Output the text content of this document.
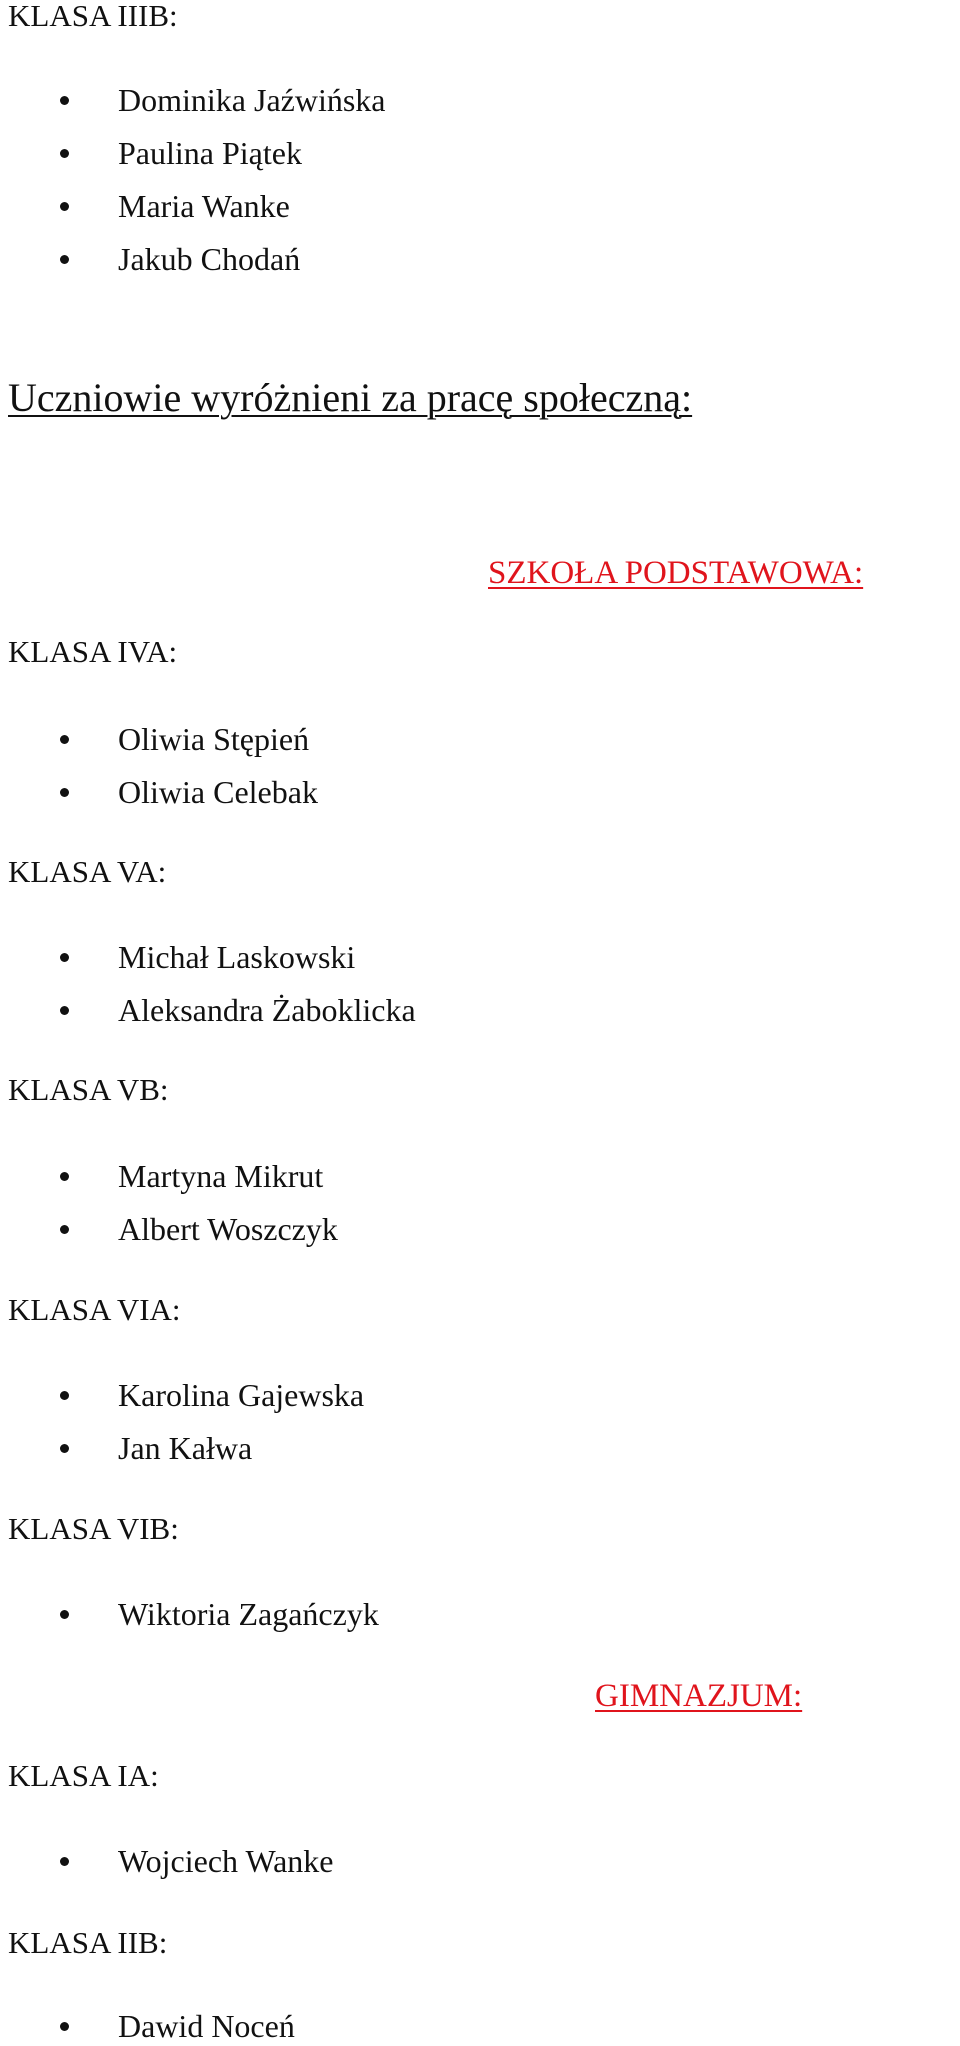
KLASA IIIB:
Dominika Jaźwińska
Paulina Piątek
Maria Wanke
Jakub Chodań
Uczniowie wyróżnieni za pracę społeczną:
SZKOŁA PODSTAWOWA:
KLASA IVA:
Oliwia Stępień
Oliwia Celebak
KLASA VA:
Michał Laskowski
Aleksandra Żaboklicka
KLASA VB:
Martyna Mikrut
Albert Woszczyk
KLASA VIA:
Karolina Gajewska
Jan Kałwa
KLASA VIB:
Wiktoria Zagańczyk
GIMNAZJUM:
KLASA IA:
Wojciech Wanke
KLASA IIB:
Dawid Noceń
